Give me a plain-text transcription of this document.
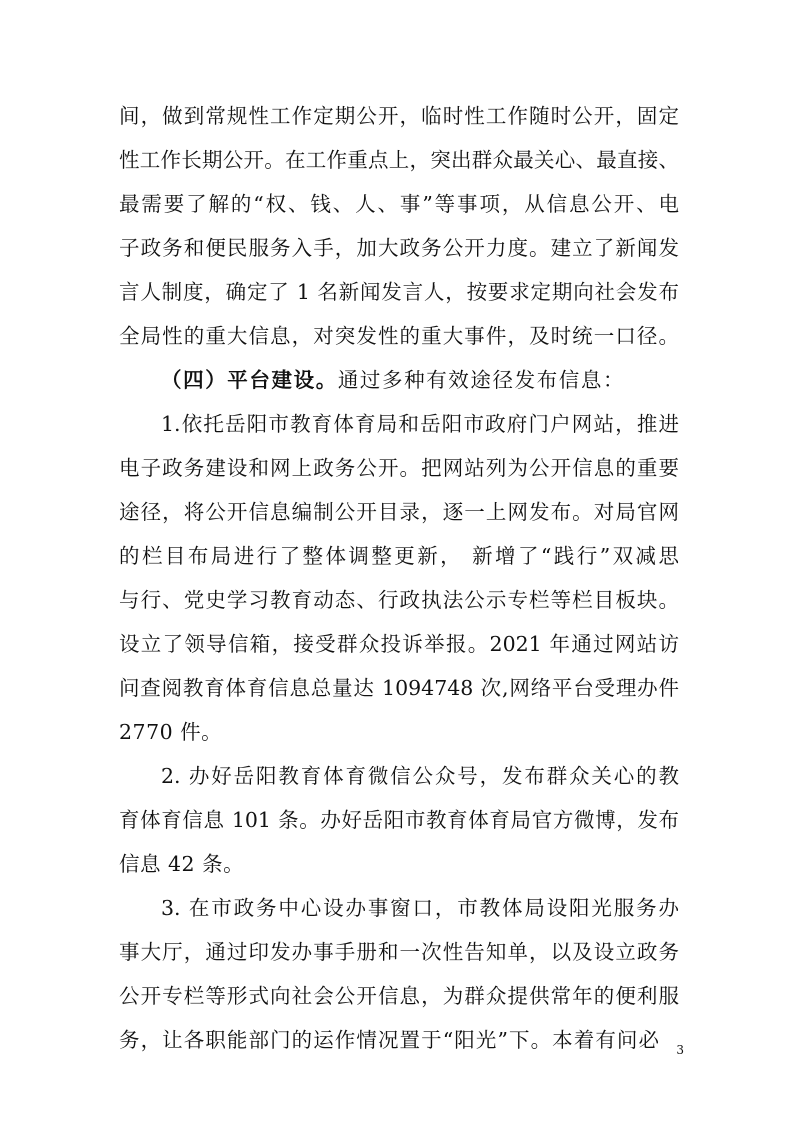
间，做到常规性工作定期公开，临时性工作随时公开，固定
性工作长期公开。在工作重点上，突出群众最关心、最直接、
最需要了解的“权、钱、人、事”等事项，从信息公开、电
子政务和便民服务入手，加大政务公开力度。建立了新闻发
言人制度，确定了 1 名新闻发言人，按要求定期向社会发布
全局性的重大信息，对突发性的重大事件，及时统一口径。
（四）平台建设。通过多种有效途径发布信息：
1.依托岳阳市教育体育局和岳阳市政府门户网站，推进
电子政务建设和网上政务公开。把网站列为公开信息的重要
途径，将公开信息编制公开目录，逐一上网发布。对局官网
的栏目布局进行了整体调整更新， 新增了“践行”双减思
与行、党史学习教育动态、行政执法公示专栏等栏目板块。
设立了领导信箱，接受群众投诉举报。2021 年通过网站访
问查阅教育体育信息总量达 1094748 次,网络平台受理办件
2770 件。
2. 办好岳阳教育体育微信公众号，发布群众关心的教
育体育信息 101 条。办好岳阳市教育体育局官方微博，发布
信息 42 条。
3. 在市政务中心设办事窗口，市教体局设阳光服务办
事大厅，通过印发办事手册和一次性告知单，以及设立政务
公开专栏等形式向社会公开信息，为群众提供常年的便利服
务，让各职能部门的运作情况置于“阳光”下。本着有问必	3
